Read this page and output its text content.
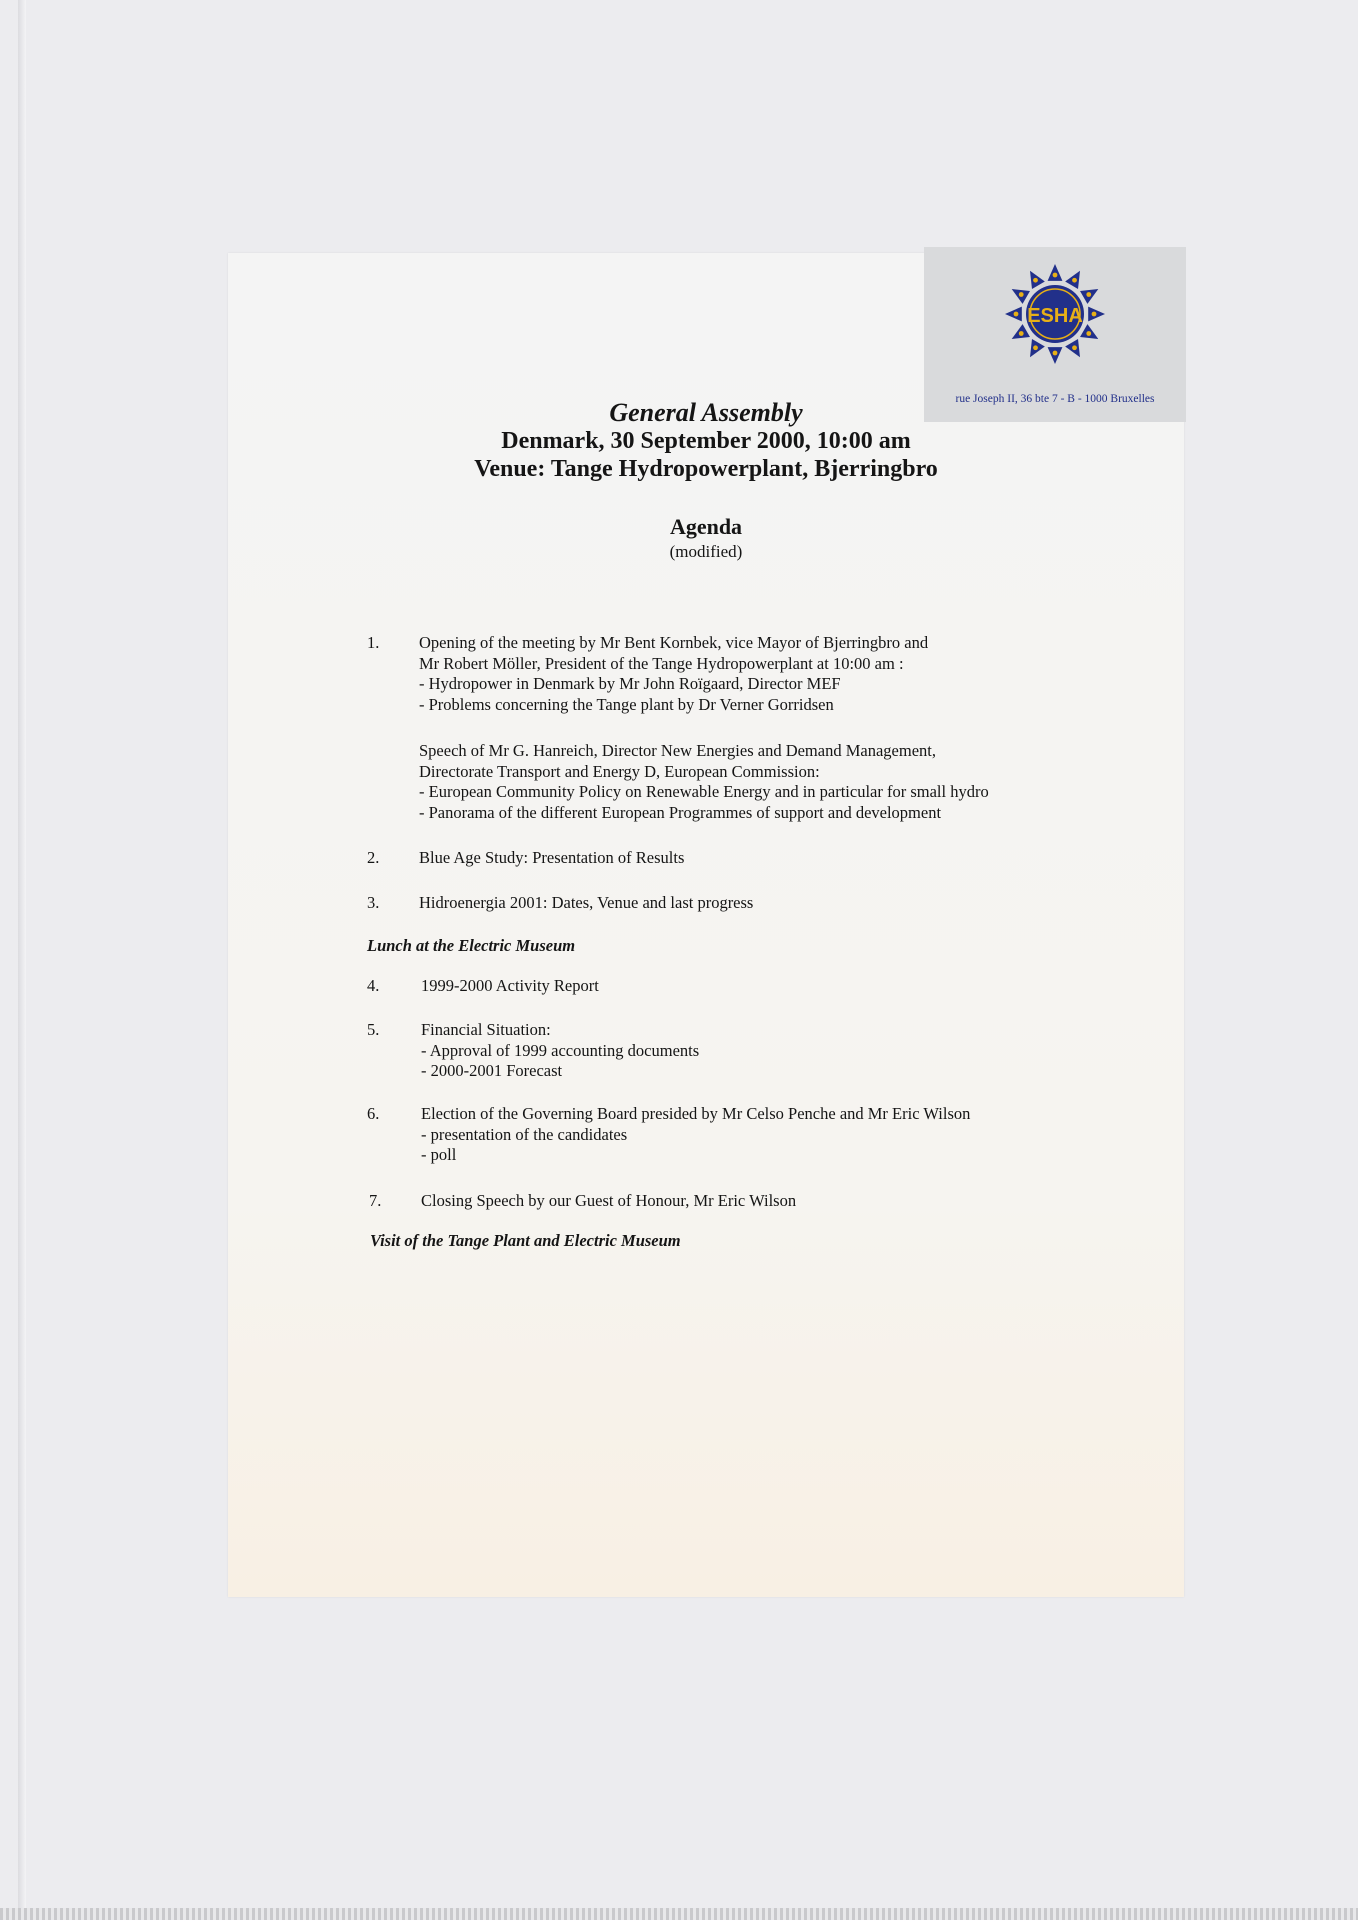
ESHA
rue Joseph II, 36 bte 7 - B - 1000 Bruxelles
General Assembly
Denmark, 30 September 2000, 10:00 am
Venue: Tange Hydropowerplant, Bjerringbro
Agenda
(modified)
1. Opening of the meeting by Mr Bent Kornbek, vice Mayor of Bjerringbro and
Mr Robert Möller, President of the Tange Hydropowerplant at 10:00 am :
- Hydropower in Denmark by Mr John Roïgaard, Director MEF
- Problems concerning the Tange plant by Dr Verner Gorridsen
Speech of Mr G. Hanreich, Director New Energies and Demand Management,
Directorate Transport and Energy D, European Commission:
- European Community Policy on Renewable Energy and in particular for small hydro
- Panorama of the different European Programmes of support and development
2. Blue Age Study: Presentation of Results
3. Hidroenergia 2001: Dates, Venue and last progress
Lunch at the Electric Museum
4.	1999-2000 Activity Report
5.	Financial Situation:
- Approval of 1999 accounting documents
- 2000-2001 Forecast
6.	Election of the Governing Board presided by Mr Celso Penche and Mr Eric Wilson
- presentation of the candidates
- poll
7. Closing Speech by our Guest of Honour, Mr Eric Wilson
Visit of the Tange Plant and Electric Museum
